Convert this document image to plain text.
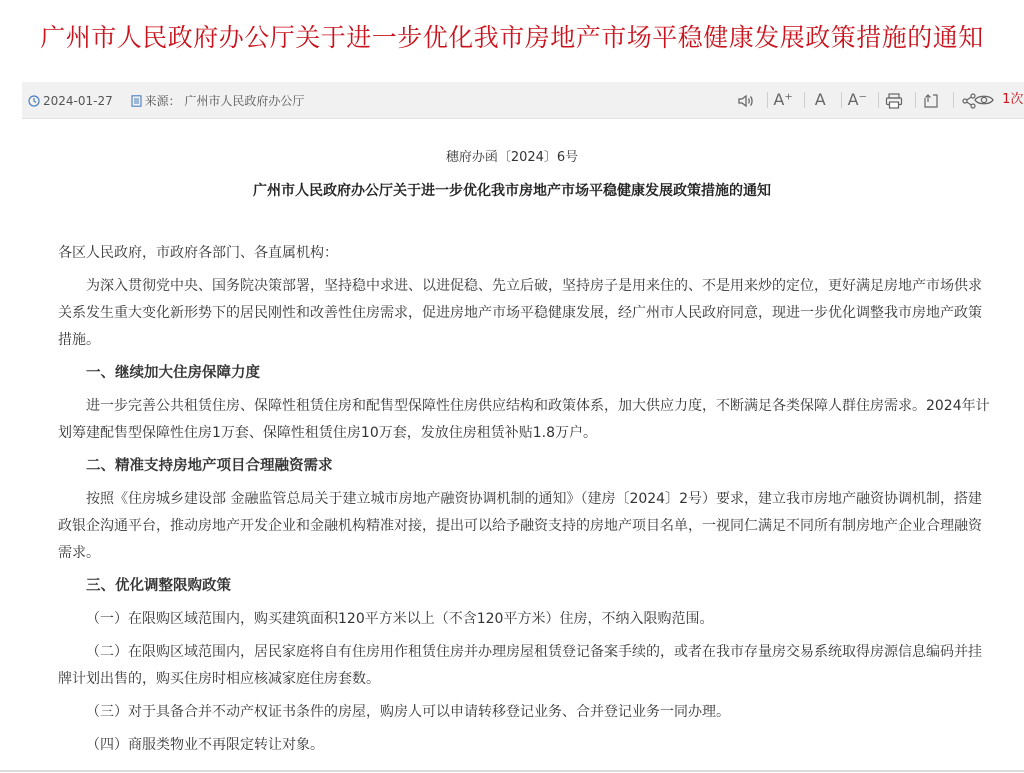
广州市人民政府办公厅关于进一步优化我市房地产市场平稳健康发展政策措施的通知
2024-01-27	来源： 广州市人民政府办公厅	A⁺ A A⁻	1次
穗府办函〔2024〕6号
广州市人民政府办公厅关于进一步优化我市房地产市场平稳健康发展政策措施的通知

各区人民政府，市政府各部门、各直属机构：

为深入贯彻党中央、国务院决策部署，坚持稳中求进、以进促稳、先立后破，坚持房子是用来住的、不是用来炒的定位，更好满足房地产市场供求关系发生重大变化新形势下的居民刚性和改善性住房需求，促进房地产市场平稳健康发展，经广州市人民政府同意，现进一步优化调整我市房地产政策措施。

一、继续加大住房保障力度

进一步完善公共租赁住房、保障性租赁住房和配售型保障性住房供应结构和政策体系，加大供应力度，不断满足各类保障人群住房需求。2024年计划筹建配售型保障性住房1万套、保障性租赁住房10万套，发放住房租赁补贴1.8万户。

二、精准支持房地产项目合理融资需求

按照《住房城乡建设部 金融监管总局关于建立城市房地产融资协调机制的通知》（建房〔2024〕2号）要求，建立我市房地产融资协调机制，搭建政银企沟通平台，推动房地产开发企业和金融机构精准对接，提出可以给予融资支持的房地产项目名单，一视同仁满足不同所有制房地产企业合理融资需求。

三、优化调整限购政策

（一）在限购区域范围内，购买建筑面积120平方米以上（不含120平方米）住房，不纳入限购范围。

（二）在限购区域范围内，居民家庭将自有住房用作租赁住房并办理房屋租赁登记备案手续的，或者在我市存量房交易系统取得房源信息编码并挂牌计划出售的，购买住房时相应核减家庭住房套数。

（三）对于具备合并不动产权证书条件的房屋，购房人可以申请转移登记业务、合并登记业务一同办理。

（四）商服类物业不再限定转让对象。
